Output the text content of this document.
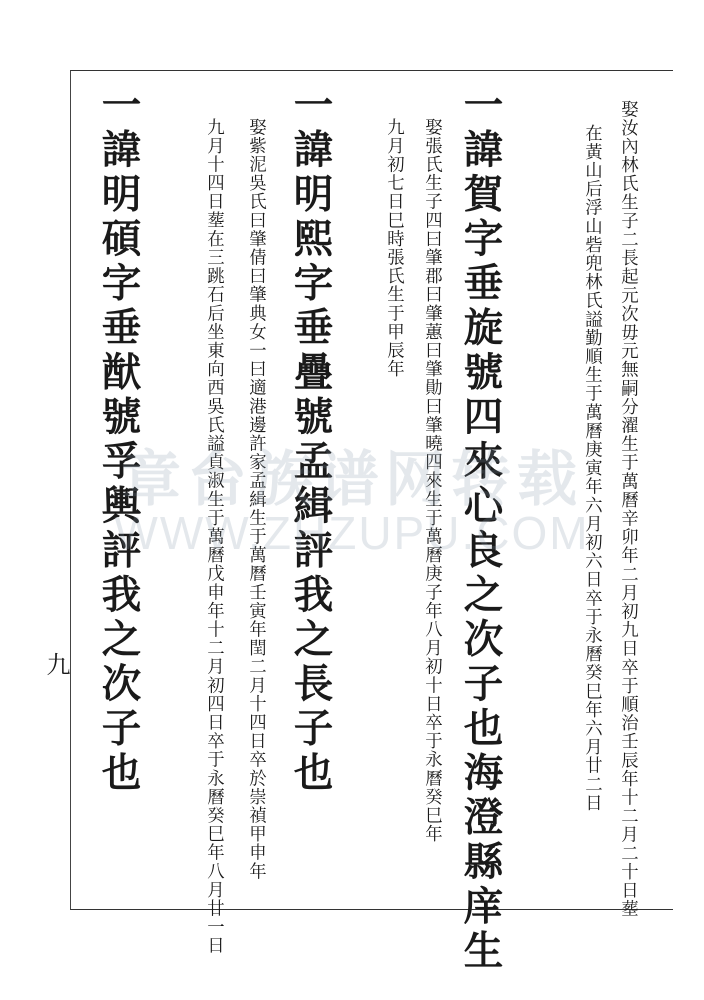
娶汝內林氏生子二長起元次毋元無嗣分濯生于萬曆辛卯年二月初九日卒于順治壬辰年十二月二十日塟
在黃山后浮山砦兜林氏謚勤順生于萬曆庚寅年六月初六日卒于永曆癸巳年六月廿二日
一諱賀字垂旋號四來心良之次子也海澄縣庠生
娶張氏生子四曰肇郡曰肇蕙曰肇勛曰肇曉四來生于萬曆庚子年八月初十日卒于永曆癸巳年
九月初七日巳時張氏生于甲辰年
一諱明熙字垂疊號孟緝評我之長子也
娶紫泥吳氏曰肇倩曰肇典女一曰適港邊許家孟緝生于萬曆壬寅年閏二月十四日卒於崇禎甲申年
九月十四日塟在三跳石后坐東向西吳氏謚貞淑生于萬曆戊申年十二月初四日卒于永曆癸巳年八月廿一日
一諱明碩字垂猷號孚輿評我之次子也
九
章台族谱网转载
WWW.ZHZUPU.COM
